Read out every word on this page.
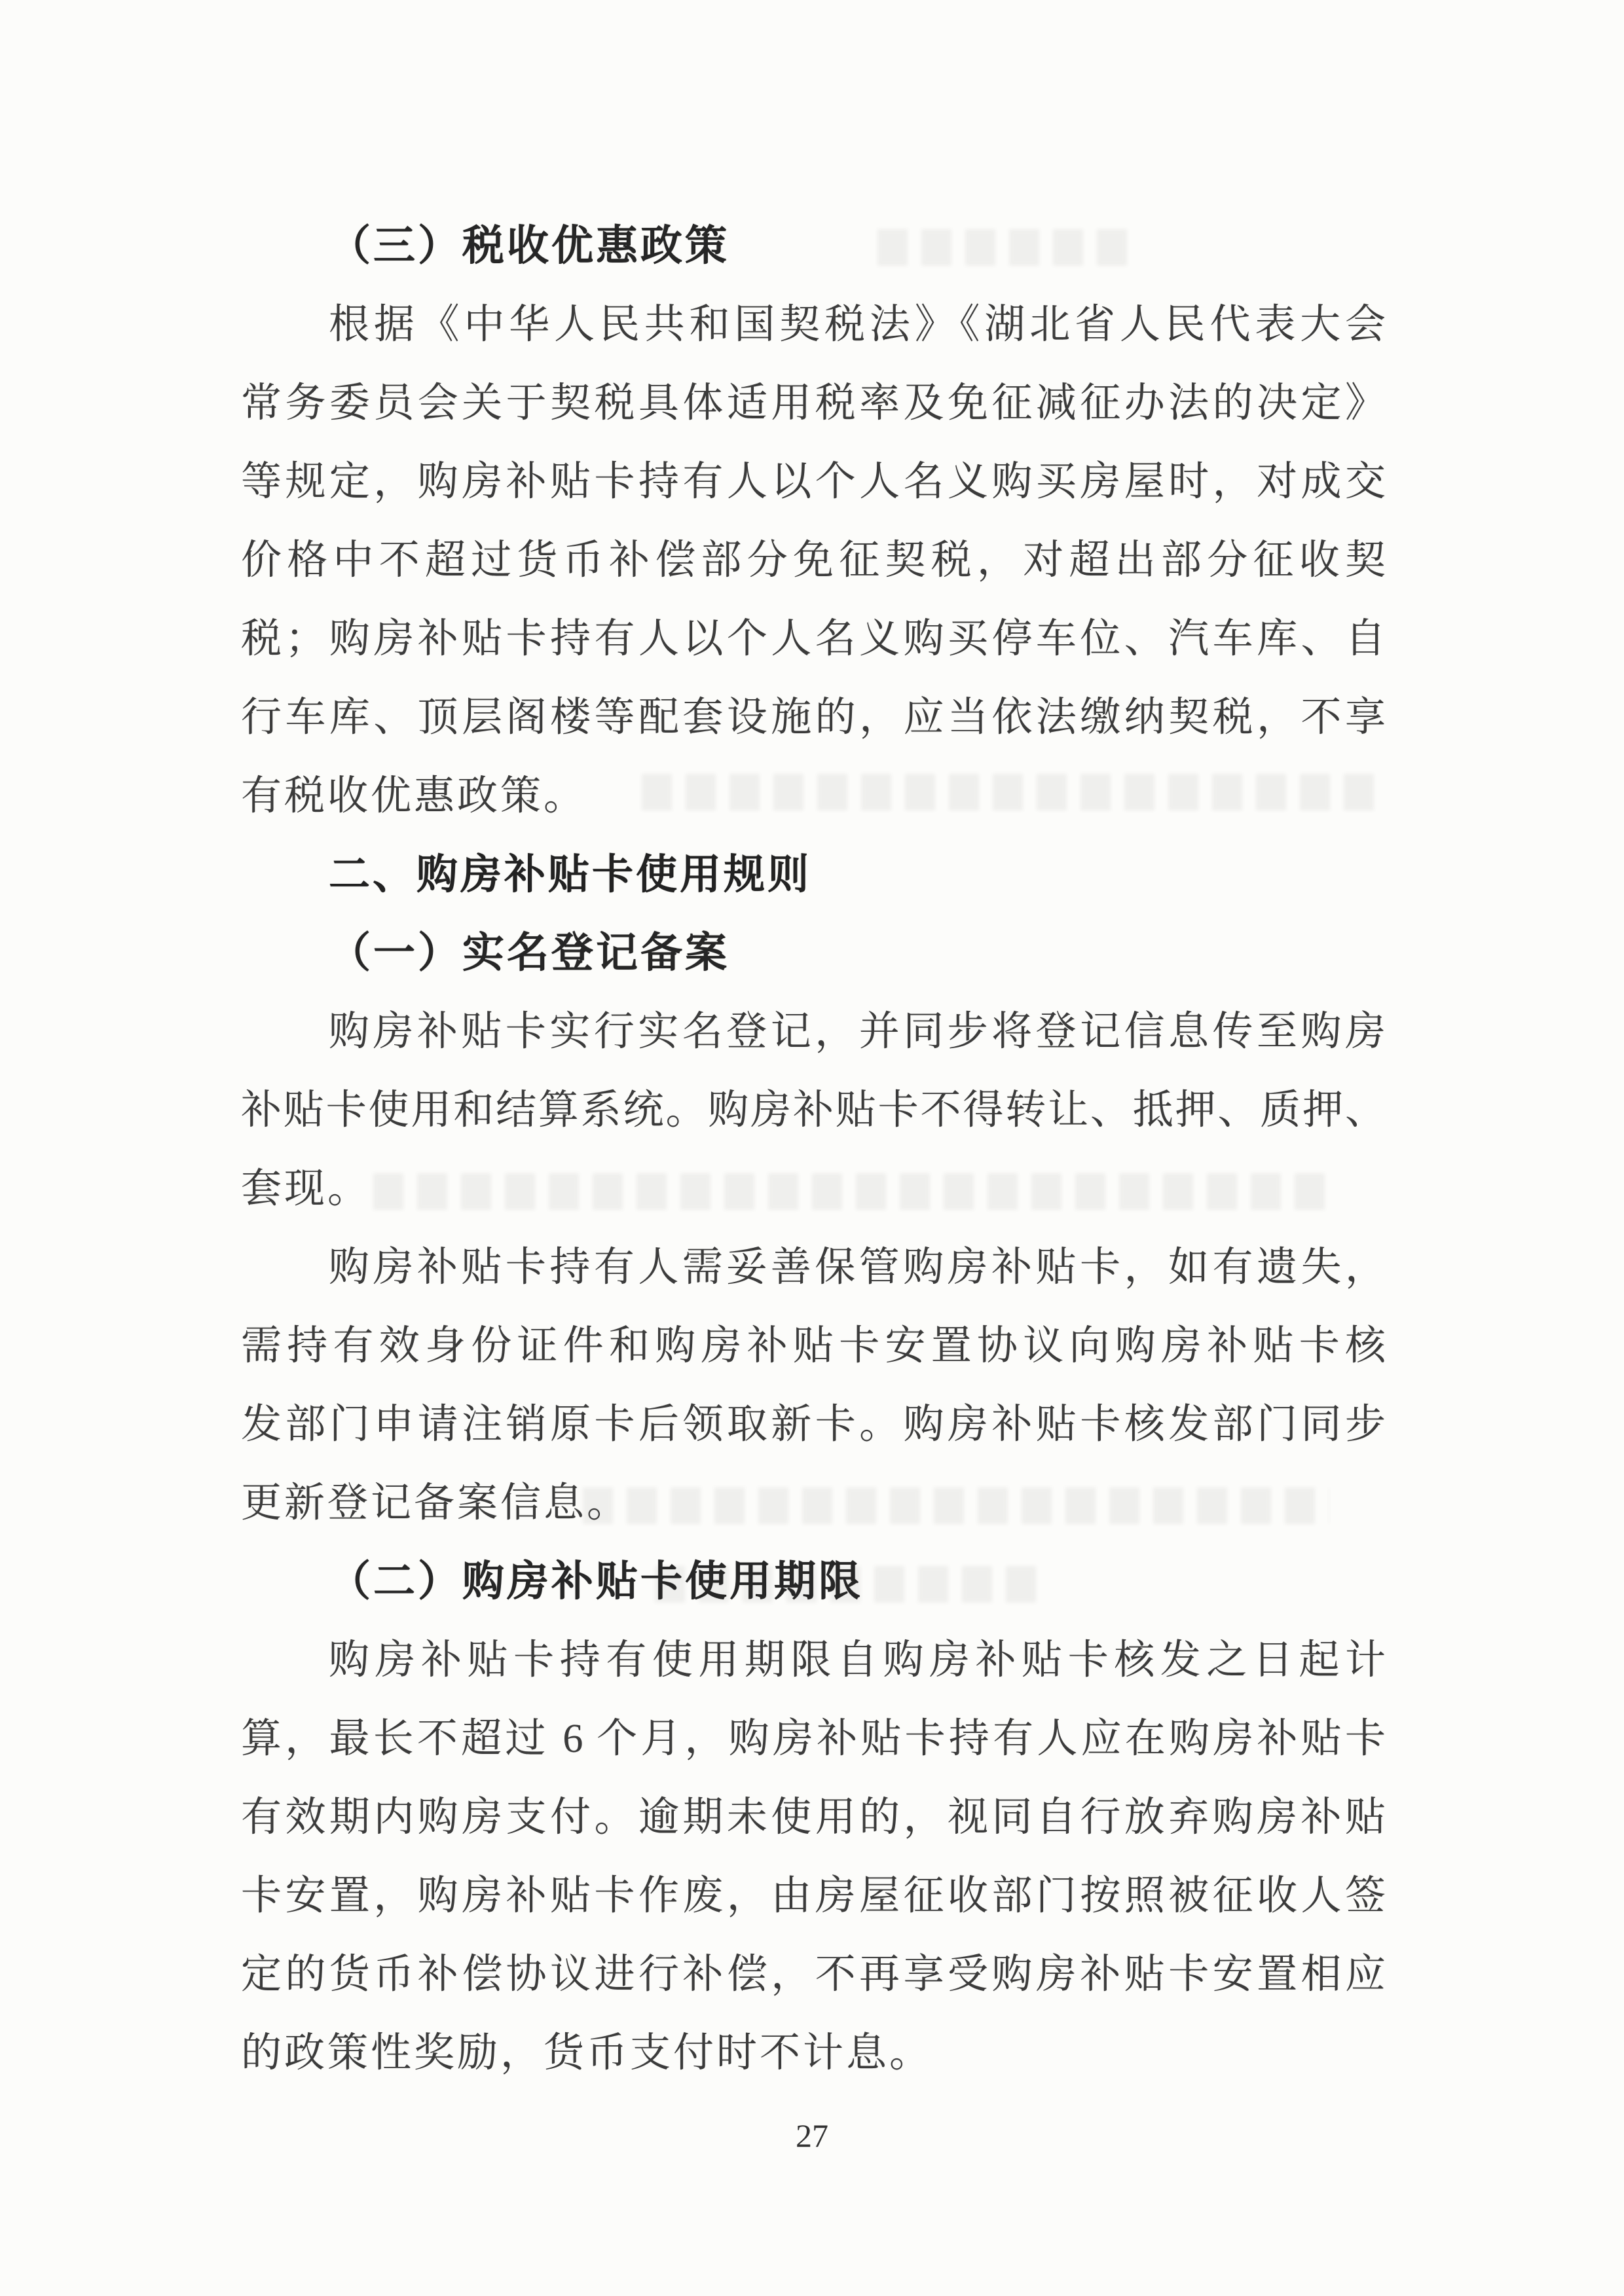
（三）税收优惠政策
根据《中华人民共和国契税法》《湖北省人民代表大会
常务委员会关于契税具体适用税率及免征减征办法的决定》
等规定，购房补贴卡持有人以个人名义购买房屋时，对成交
价格中不超过货币补偿部分免征契税，对超出部分征收契
税；购房补贴卡持有人以个人名义购买停车位、汽车库、自
行车库、顶层阁楼等配套设施的，应当依法缴纳契税，不享
有税收优惠政策。
二、购房补贴卡使用规则
（一）实名登记备案
购房补贴卡实行实名登记，并同步将登记信息传至购房
补贴卡使用和结算系统。购房补贴卡不得转让、抵押、质押、
套现。
购房补贴卡持有人需妥善保管购房补贴卡，如有遗失，
需持有效身份证件和购房补贴卡安置协议向购房补贴卡核
发部门申请注销原卡后领取新卡。购房补贴卡核发部门同步
更新登记备案信息。
（二）购房补贴卡使用期限
购房补贴卡持有使用期限自购房补贴卡核发之日起计
算，最长不超过 6 个月，购房补贴卡持有人应在购房补贴卡
有效期内购房支付。逾期未使用的，视同自行放弃购房补贴
卡安置，购房补贴卡作废，由房屋征收部门按照被征收人签
定的货币补偿协议进行补偿，不再享受购房补贴卡安置相应
的政策性奖励，货币支付时不计息。
27
